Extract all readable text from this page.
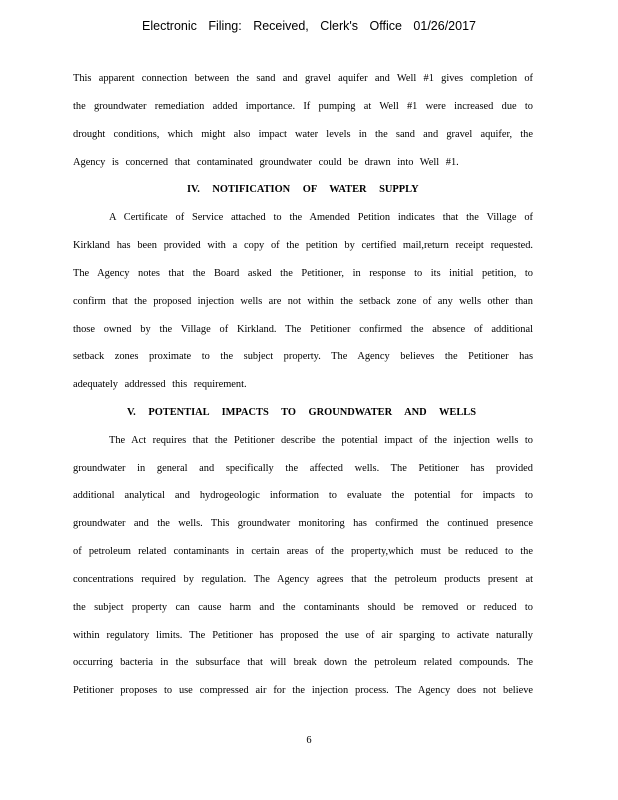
Electronic Filing: Received, Clerk's Office 01/26/2017
This apparent connection between the sand and gravel aquifer and Well #1 gives completion of
the groundwater remediation added importance. If pumping at Well #1 were increased due to
drought conditions, which might also impact water levels in the sand and gravel aquifer, the
Agency is concerned that contaminated groundwater could be drawn into Well #1.
A Certificate of Service attached to the Amended Petition indicates that the Village of
Kirkland has been provided with a copy of the petition by certified mail,return receipt requested.
The Agency notes that the Board asked the Petitioner, in response to its initial petition, to
confirm that the proposed injection wells are not within the setback zone of any wells other than
those owned by the Village of Kirkland. The Petitioner confirmed the absence of additional
setback zones proximate to the subject property. The Agency believes the Petitioner has
adequately addressed this requirement.
The Act requires that the Petitioner describe the potential impact of the injection wells to
groundwater in general and specifically the affected wells. The Petitioner has provided
additional analytical and hydrogeologic information to evaluate the potential for impacts to
groundwater and the wells. This groundwater monitoring has confirmed the continued presence
of petroleum related contaminants in certain areas of the property,which must be reduced to the
concentrations required by regulation. The Agency agrees that the petroleum products present at
the subject property can cause harm and the contaminants should be removed or reduced to
within regulatory limits. The Petitioner has proposed the use of air sparging to activate naturally
occurring bacteria in the subsurface that will break down the petroleum related compounds. The
Petitioner proposes to use compressed air for the injection process. The Agency does not believe
IV. NOTIFICATION OF WATER SUPPLY
V. POTENTIAL IMPACTS TO GROUNDWATER AND WELLS
6
